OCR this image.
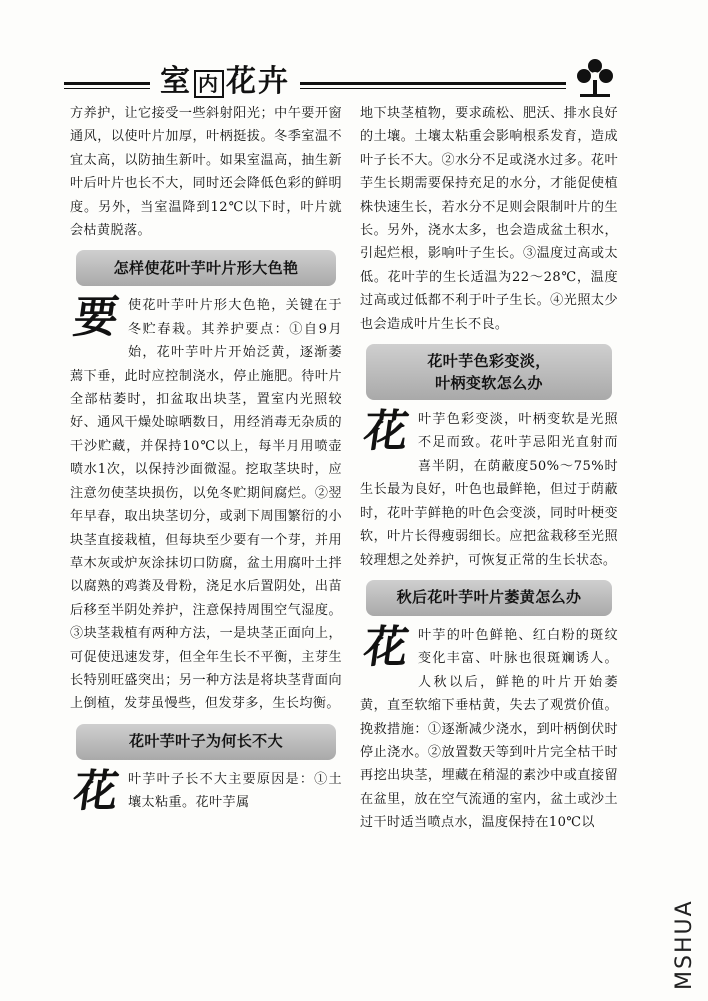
室内 花卉

方养护，让它接受一些斜射阳光；中午要开窗通风，以使叶片加厚，叶柄挺拔。冬季室温不宜太高，以防抽生新叶。如果室温高，抽生新叶后叶片也长不大，同时还会降低色彩的鲜明度。另外，当室温降到12℃以下时，叶片就会枯黄脱落。

怎样使花叶芋叶片形大色艳

要使花叶芋叶片形大色艳，关键在于冬贮春栽。其养护要点：①自9月始，花叶芋叶片开始泛黄，逐渐萎蔫下垂，此时应控制浇水，停止施肥。待叶片全部枯萎时，扣盆取出块茎，置室内光照较好、通风干燥处晾晒数日，用经消毒无杂质的干沙贮藏，并保持10℃以上，每半月用喷壶喷水1次，以保持沙面微湿。挖取茎块时，应注意勿使茎块损伤，以免冬贮期间腐烂。②翌年早春，取出块茎切分，或剥下周围繁衍的小块茎直接栽植，但每块至少要有一个芽，并用草木灰或炉灰涂抹切口防腐，盆土用腐叶土拌以腐熟的鸡粪及骨粉，浇足水后置阴处，出苗后移至半阴处养护，注意保持周围空气湿度。③块茎栽植有两种方法，一是块茎正面向上，可促使迅速发芽，但全年生长不平衡，主芽生长特别旺盛突出；另一种方法是将块茎背面向上倒植，发芽虽慢些，但发芽多，生长均衡。

花叶芋叶子为何长不大

花叶芋叶子长不大主要原因是：①土壤太粘重。花叶芋属

地下块茎植物，要求疏松、肥沃、排水良好的土壤。土壤太粘重会影响根系发育，造成叶子长不大。②水分不足或浇水过多。花叶芋生长期需要保持充足的水分，才能促使植株快速生长，若水分不足则会限制叶片的生长。另外，浇水太多，也会造成盆土积水，引起烂根，影响叶子生长。③温度过高或太低。花叶芋的生长适温为22～28℃，温度过高或过低都不利于叶子生长。④光照太少也会造成叶片生长不良。

花叶芋色彩变淡，
叶柄变软怎么办

花叶芋色彩变淡，叶柄变软是光照不足而致。花叶芋忌阳光直射而喜半阴，在荫蔽度50%～75%时生长最为良好，叶色也最鲜艳，但过于荫蔽时，花叶芋鲜艳的叶色会变淡，同时叶梗变软，叶片长得瘦弱细长。应把盆栽移至光照较理想之处养护，可恢复正常的生长状态。

秋后花叶芋叶片萎黄怎么办

花叶芋的叶色鲜艳、红白粉的斑纹变化丰富、叶脉也很斑斓诱人。人秋以后，鲜艳的叶片开始萎黄，直至软缩下垂枯黄，失去了观赏价值。挽救措施：①逐渐减少浇水，到叶柄倒伏时停止浇水。②放置数天等到叶片完全枯干时再挖出块茎，埋藏在稍湿的素沙中或直接留在盆里，放在空气流通的室内，盆土或沙土过干时适当喷点水，温度保持在10℃以

MSHUA
